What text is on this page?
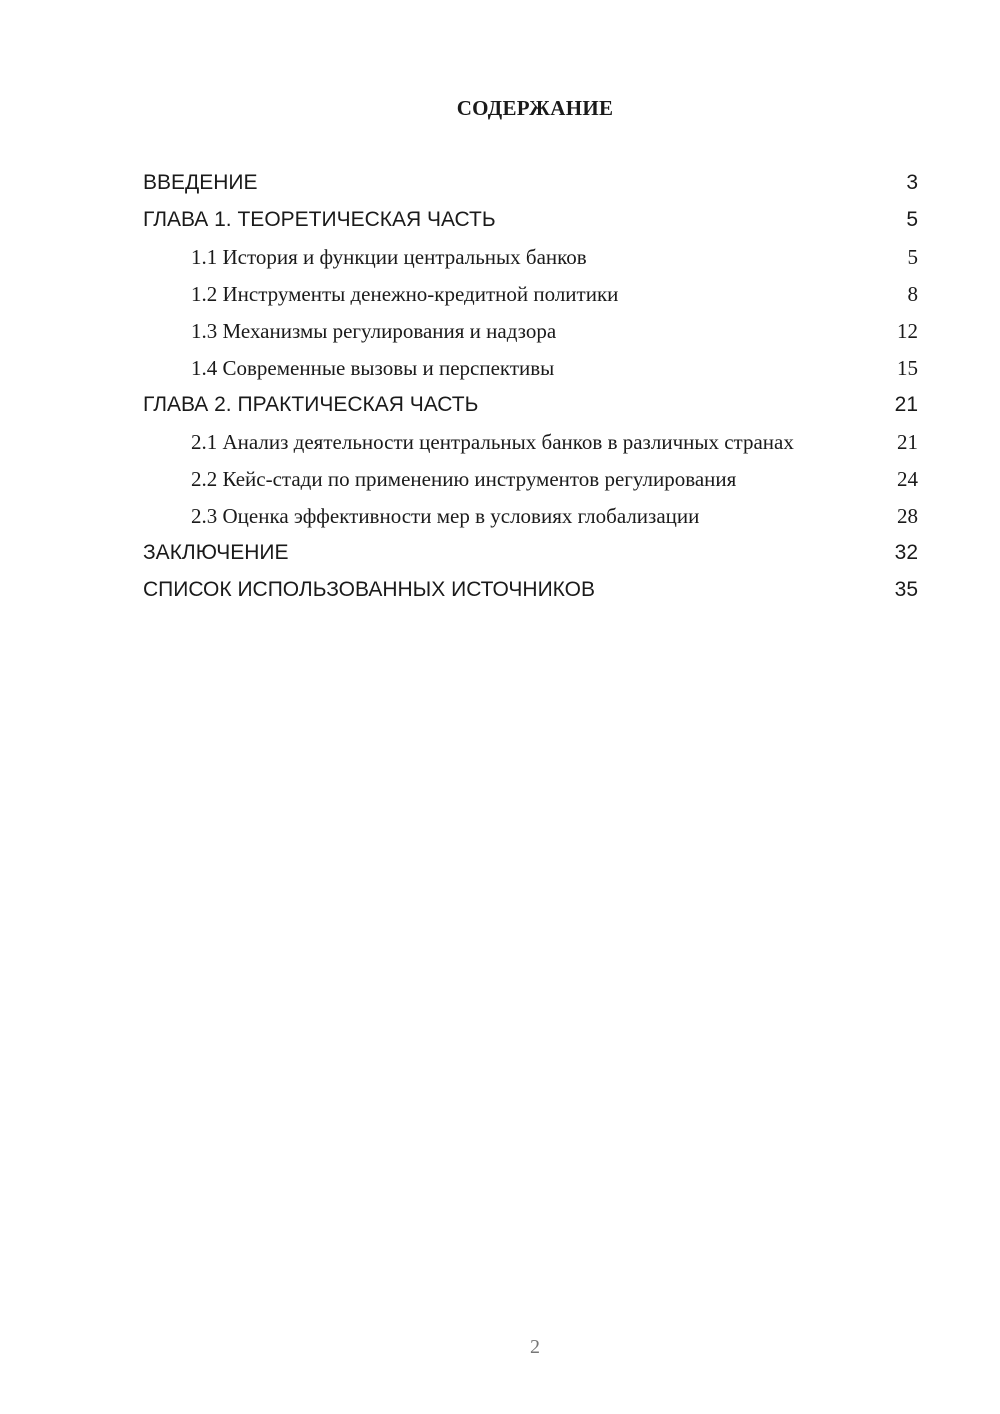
СОДЕРЖАНИЕ
ВВЕДЕНИЕ	3
ГЛАВА 1. ТЕОРЕТИЧЕСКАЯ ЧАСТЬ	5
1.1 История и функции центральных банков	5
1.2 Инструменты денежно-кредитной политики	8
1.3 Механизмы регулирования и надзора	12
1.4 Современные вызовы и перспективы	15
ГЛАВА 2. ПРАКТИЧЕСКАЯ ЧАСТЬ	21
2.1 Анализ деятельности центральных банков в различных странах	21
2.2 Кейс-стади по применению инструментов регулирования	24
2.3 Оценка эффективности мер в условиях глобализации	28
ЗАКЛЮЧЕНИЕ	32
СПИСОК ИСПОЛЬЗОВАННЫХ ИСТОЧНИКОВ	35
2
